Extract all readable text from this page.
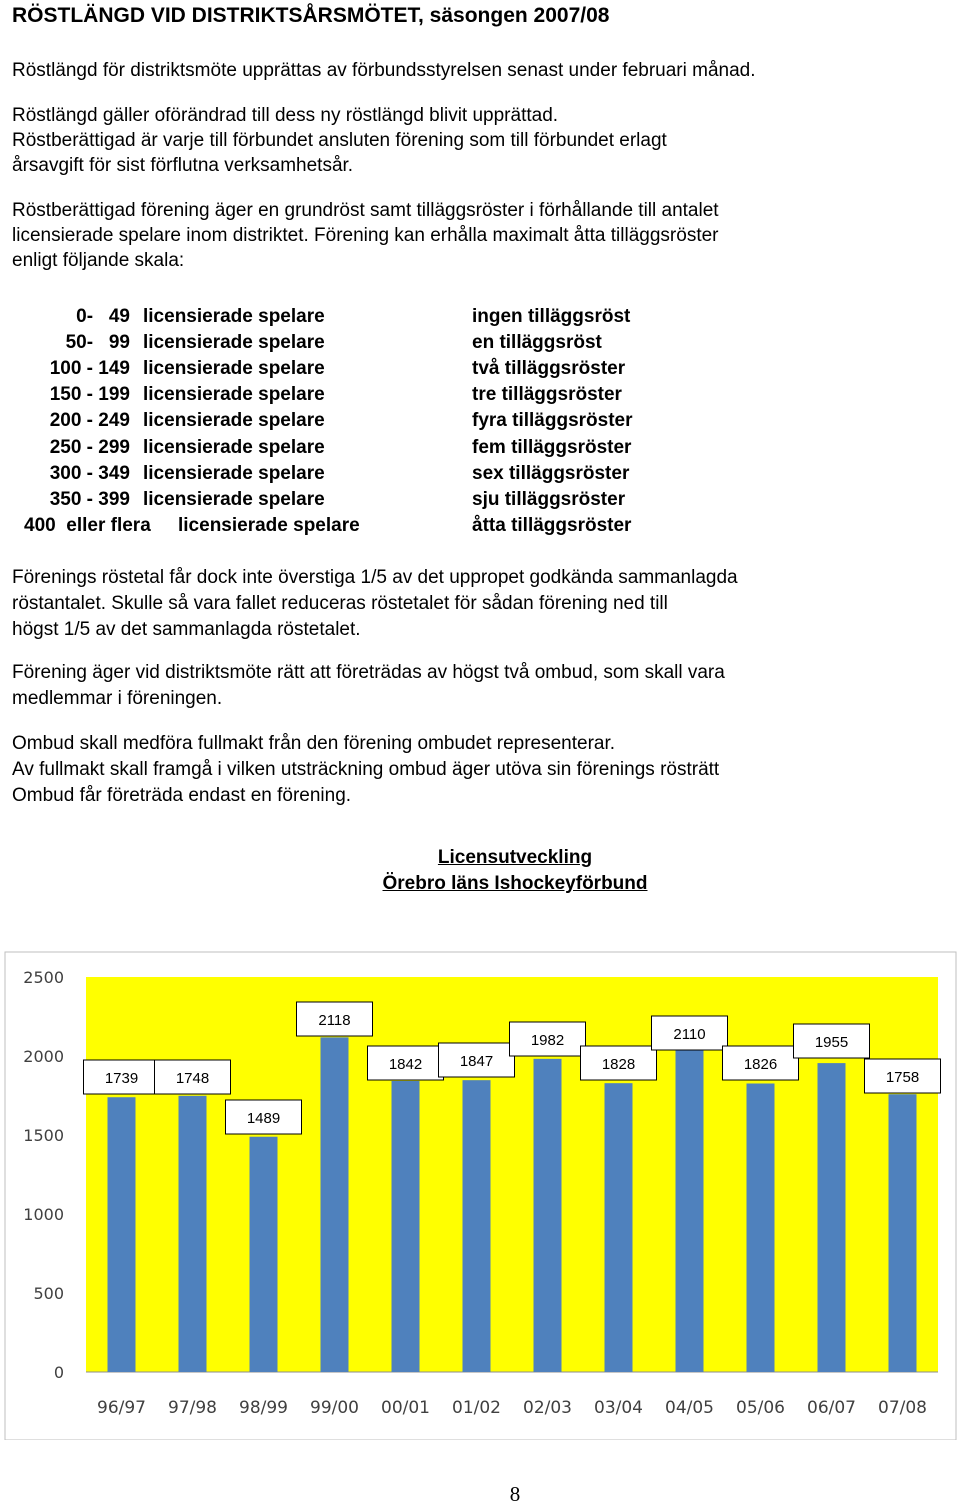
RÖSTLÄNGD VID DISTRIKTSÅRSMÖTET, säsongen 2007/08
Röstlängd för distriktsmöte upprättas av förbundsstyrelsen senast under februari månad.
Röstlängd gäller oförändrad till dess ny röstlängd blivit upprättad.
Röstberättigad är varje till förbundet ansluten förening som till förbundet erlagt
årsavgift för sist förflutna verksamhetsår.
Röstberättigad förening äger en grundröst samt tilläggsröster i förhållande till antalet
licensierade spelare inom distriktet. Förening kan erhålla maximalt åtta tilläggsröster
enligt följande skala:
0-   49 licensierade spelare	ingen tilläggsröst
50-   99 licensierade spelare	en tilläggsröst
100 - 149 licensierade spelare	två tilläggsröster
150 - 199 licensierade spelare	tre tilläggsröster
200 - 249 licensierade spelare	fyra tilläggsröster
250 - 299 licensierade spelare	fem tilläggsröster
300 - 349 licensierade spelare	sex tilläggsröster
350 - 399 licensierade spelare	sju tilläggsröster
400  eller flera licensierade spelare	åtta tilläggsröster
Förenings röstetal får dock inte överstiga 1/5 av det uppropet godkända sammanlagda
röstantalet. Skulle så vara fallet reduceras röstetalet för sådan förening ned till
högst 1/5 av det sammanlagda röstetalet.
Förening äger vid distriktsmöte rätt att företrädas av högst två ombud, som skall vara
medlemmar i föreningen.
Ombud skall medföra fullmakt från den förening ombudet representerar.
Av fullmakt skall framgå i vilken utsträckning ombud äger utöva sin förenings rösträtt
Ombud får företräda endast en förening.
Licensutveckling
Örebro läns Ishockeyförbund
0
500
1000
1500
2000
2500
96/97
1739
97/98
1748
98/99
1489
99/00
2118
00/01
1842
01/02
1847
02/03
1982
03/04
1828
04/05
2110
05/06
1826
06/07
1955
07/08
1758
8
